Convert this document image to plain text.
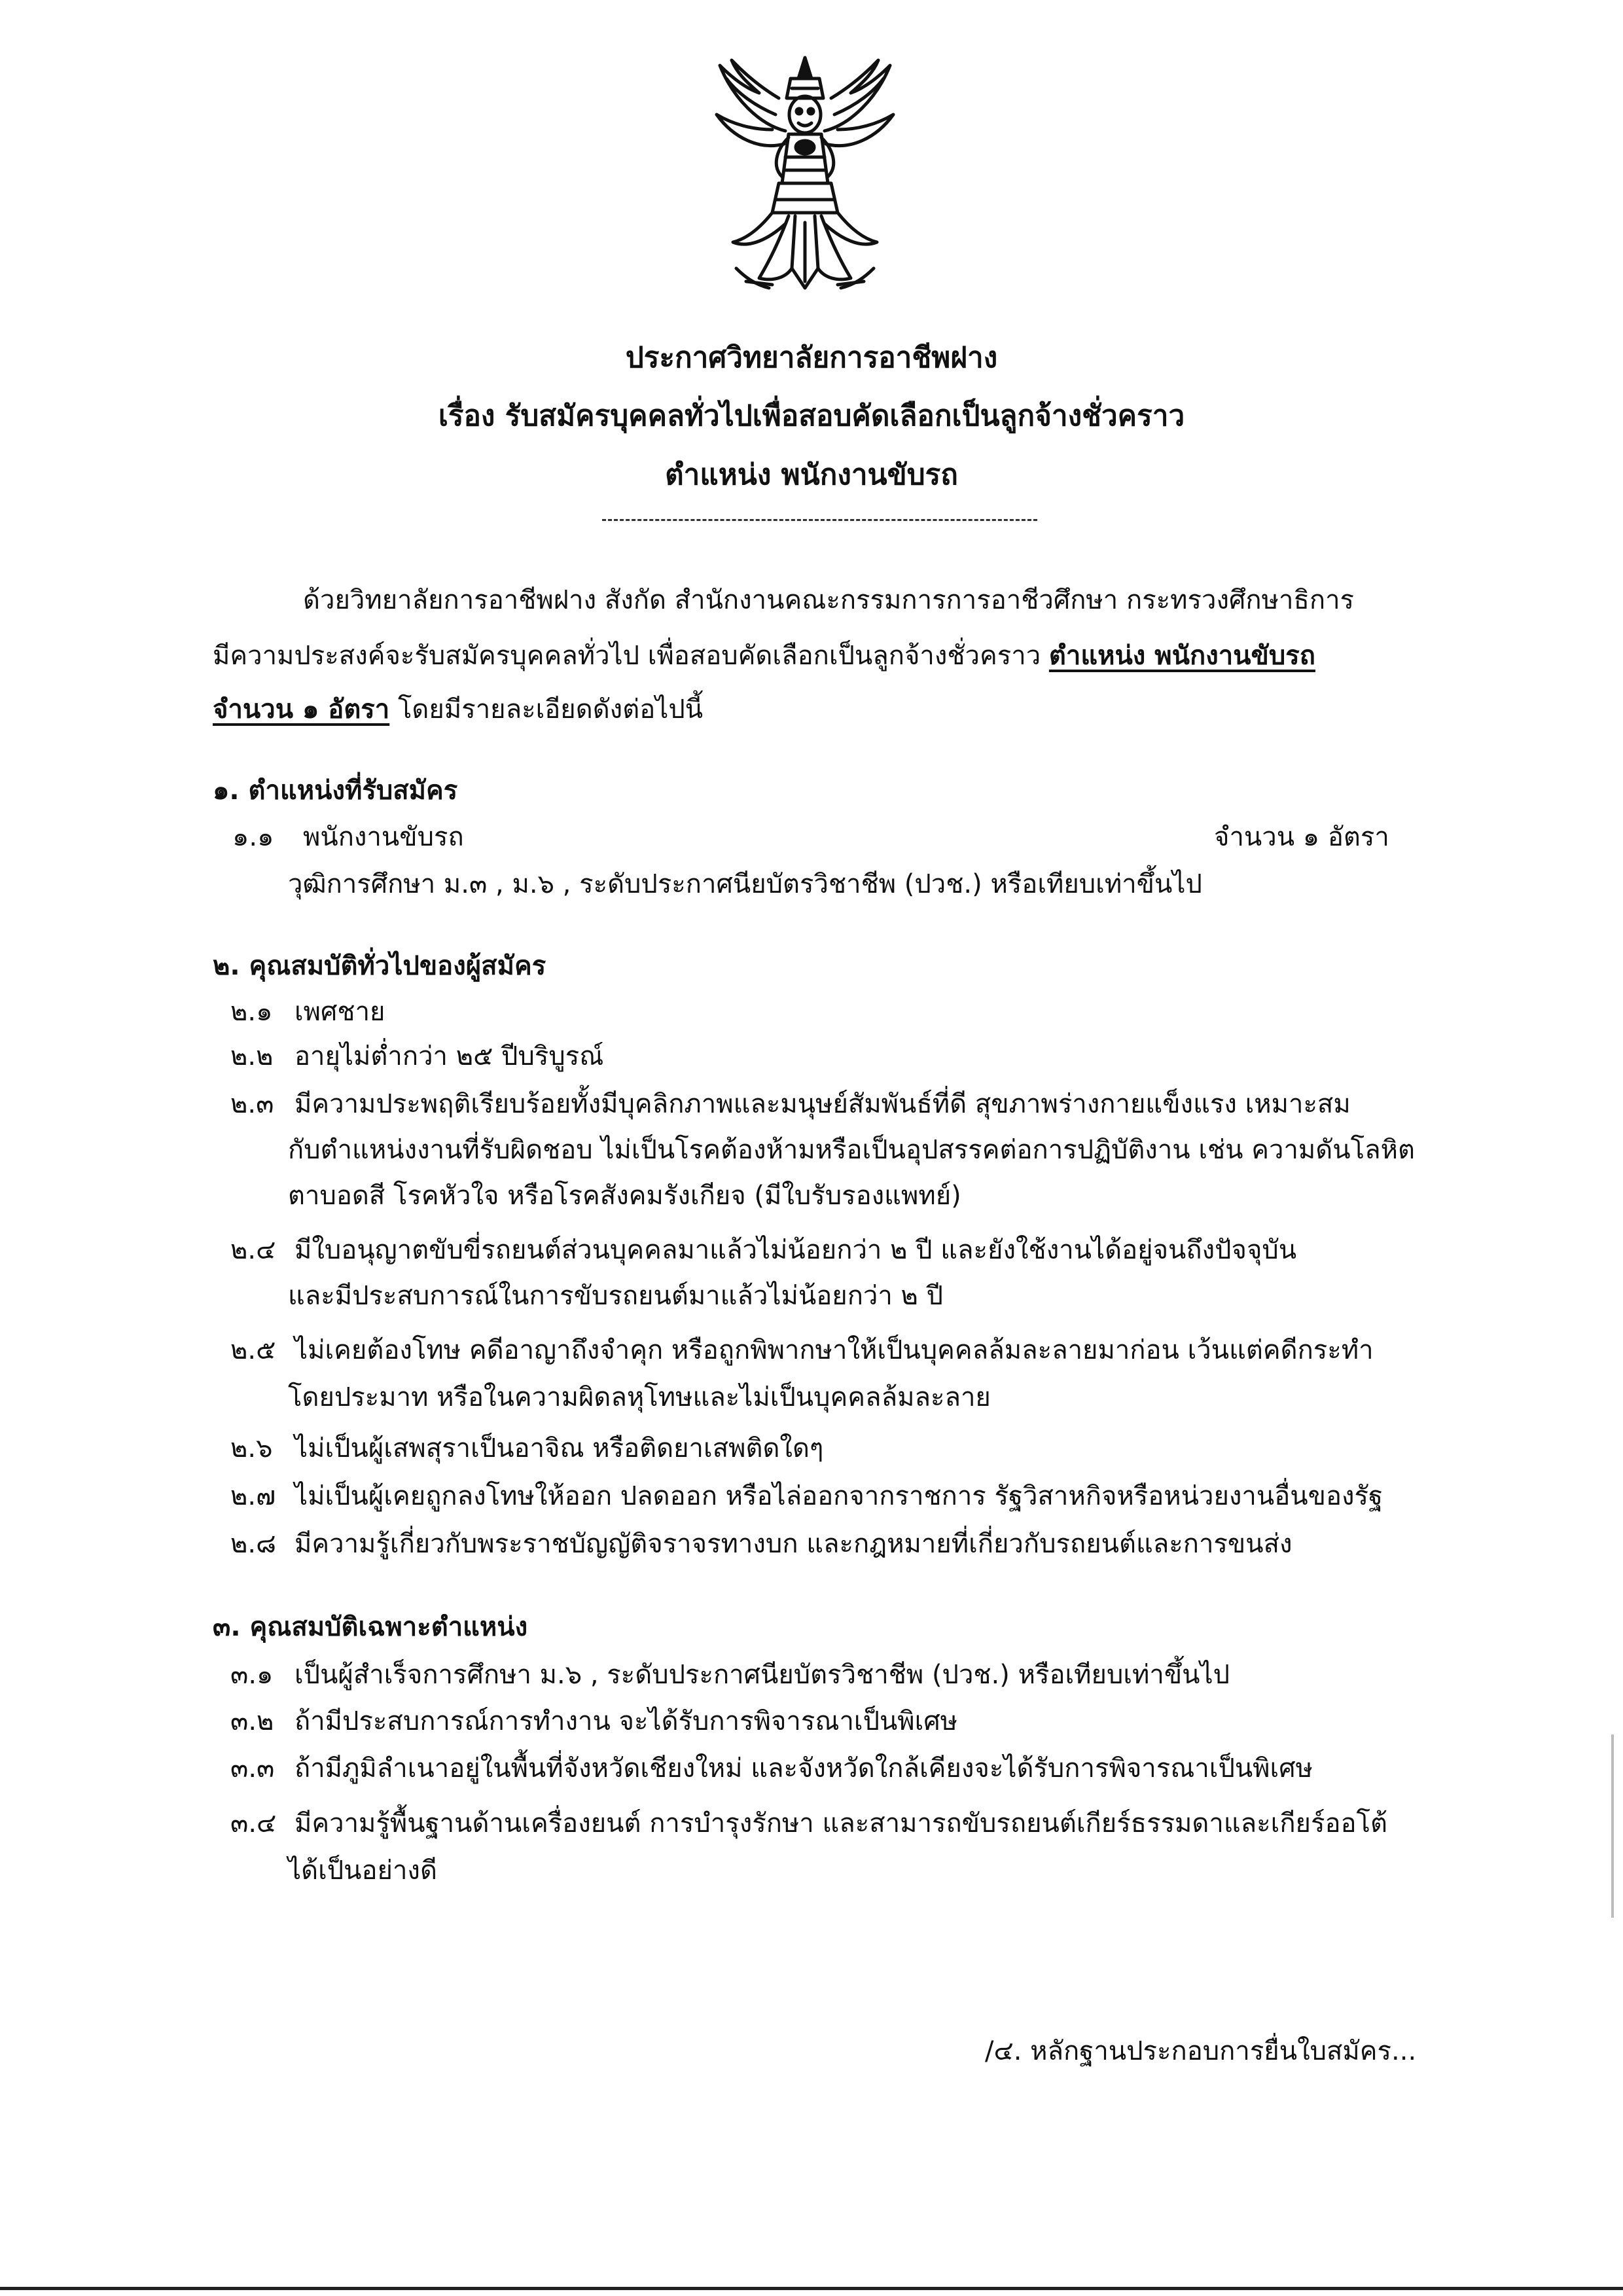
ประกาศวิทยาลัยการอาชีพฝาง
เรื่อง รับสมัครบุคคลทั่วไปเพื่อสอบคัดเลือกเป็นลูกจ้างชั่วคราว
ตำแหน่ง พนักงานขับรถ
ด้วยวิทยาลัยการอาชีพฝาง สังกัด สำนักงานคณะกรรมการการอาชีวศึกษา กระทรวงศึกษาธิการ
มีความประสงค์จะรับสมัครบุคคลทั่วไป เพื่อสอบคัดเลือกเป็นลูกจ้างชั่วคราว ตำแหน่ง พนักงานขับรถ
จำนวน ๑ อัตรา โดยมีรายละเอียดดังต่อไปนี้
๑. ตำแหน่งที่รับสมัคร
๑.๑ พนักงานขับรถ	จำนวน ๑ อัตรา
วุฒิการศึกษา ม.๓ , ม.๖ , ระดับประกาศนียบัตรวิชาชีพ (ปวช.) หรือเทียบเท่าขึ้นไป
๒. คุณสมบัติทั่วไปของผู้สมัคร
๒.๑ เพศชาย
๒.๒ อายุไม่ต่ำกว่า ๒๕ ปีบริบูรณ์
๒.๓ มีความประพฤติเรียบร้อยทั้งมีบุคลิกภาพและมนุษย์สัมพันธ์ที่ดี สุขภาพร่างกายแข็งแรง เหมาะสม
กับตำแหน่งงานที่รับผิดชอบ ไม่เป็นโรคต้องห้ามหรือเป็นอุปสรรคต่อการปฏิบัติงาน เช่น ความดันโลหิต
ตาบอดสี โรคหัวใจ หรือโรคสังคมรังเกียจ (มีใบรับรองแพทย์)
๒.๔ มีใบอนุญาตขับขี่รถยนต์ส่วนบุคคลมาแล้วไม่น้อยกว่า ๒ ปี และยังใช้งานได้อยู่จนถึงปัจจุบัน
และมีประสบการณ์ในการขับรถยนต์มาแล้วไม่น้อยกว่า ๒ ปี
๒.๕ ไม่เคยต้องโทษ คดีอาญาถึงจำคุก หรือถูกพิพากษาให้เป็นบุคคลล้มละลายมาก่อน เว้นแต่คดีกระทำ
โดยประมาท หรือในความผิดลหุโทษและไม่เป็นบุคคลล้มละลาย
๒.๖ ไม่เป็นผู้เสพสุราเป็นอาจิณ หรือติดยาเสพติดใดๆ
๒.๗ ไม่เป็นผู้เคยถูกลงโทษให้ออก ปลดออก หรือไล่ออกจากราชการ รัฐวิสาหกิจหรือหน่วยงานอื่นของรัฐ
๒.๘ มีความรู้เกี่ยวกับพระราชบัญญัติจราจรทางบก และกฎหมายที่เกี่ยวกับรถยนต์และการขนส่ง
๓. คุณสมบัติเฉพาะตำแหน่ง
๓.๑ เป็นผู้สำเร็จการศึกษา ม.๖ , ระดับประกาศนียบัตรวิชาชีพ (ปวช.) หรือเทียบเท่าขึ้นไป
๓.๒ ถ้ามีประสบการณ์การทำงาน จะได้รับการพิจารณาเป็นพิเศษ
๓.๓ ถ้ามีภูมิลำเนาอยู่ในพื้นที่จังหวัดเชียงใหม่ และจังหวัดใกล้เคียงจะได้รับการพิจารณาเป็นพิเศษ
๓.๔ มีความรู้พื้นฐานด้านเครื่องยนต์ การบำรุงรักษา และสามารถขับรถยนต์เกียร์ธรรมดาและเกียร์ออโต้
ได้เป็นอย่างดี
/๔. หลักฐานประกอบการยื่นใบสมัคร...
